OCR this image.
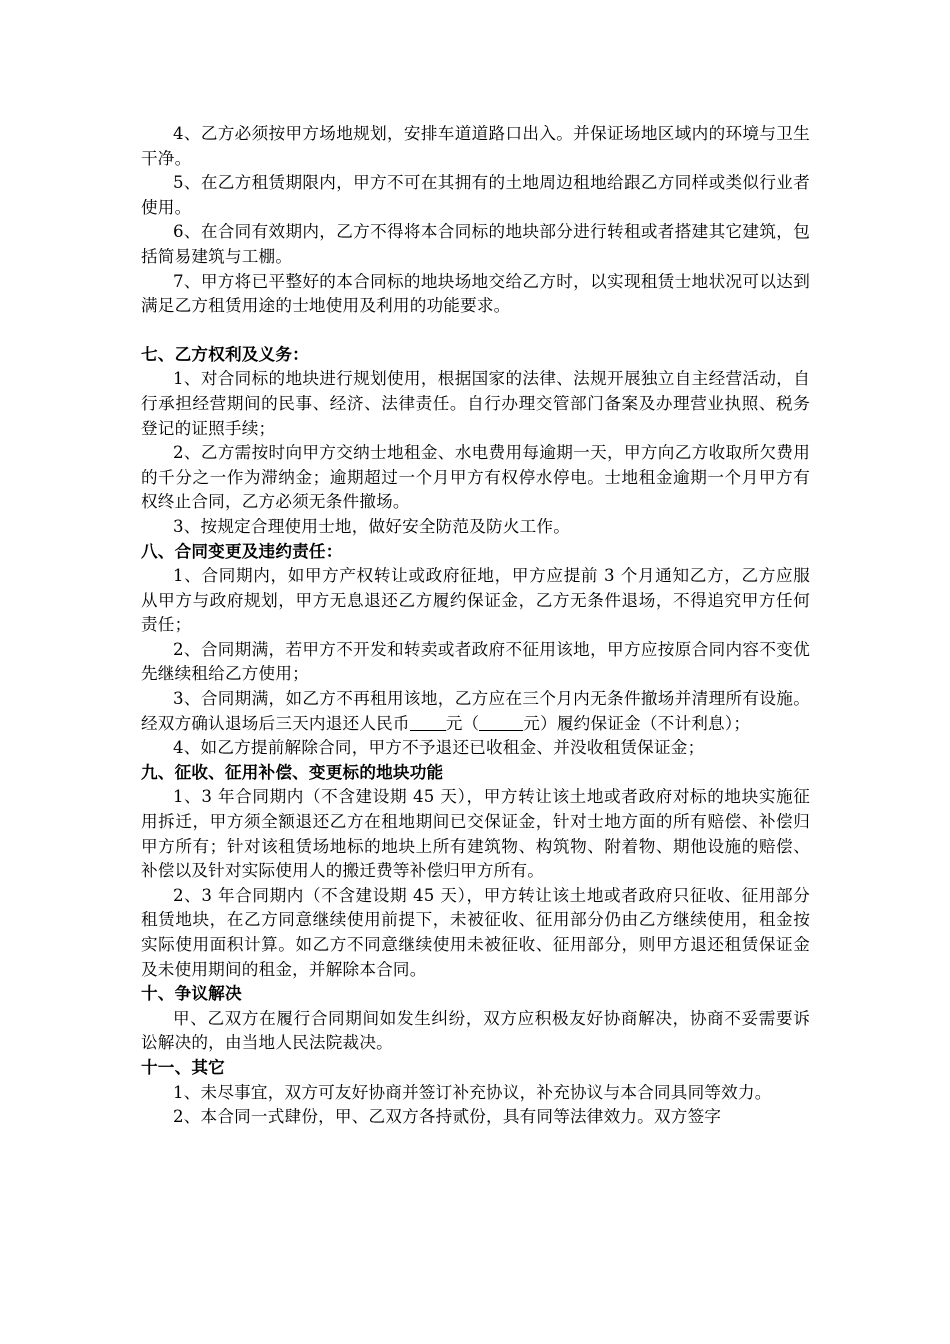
4、乙方必须按甲方场地规划，安排车道道路口出入。并保证场地区域内的环境与卫生干净。

5、在乙方租赁期限内，甲方不可在其拥有的土地周边租地给跟乙方同样或类似行业者使用。

6、在合同有效期内，乙方不得将本合同标的地块部分进行转租或者搭建其它建筑，包括简易建筑与工棚。

7、甲方将已平整好的本合同标的地块场地交给乙方时，以实现租赁士地状况可以达到满足乙方租赁用途的士地使用及利用的功能要求。

七、乙方权利及义务：

1、对合同标的地块进行规划使用，根据国家的法律、法规开展独立自主经营活动，自行承担经营期间的民事、经济、法律责任。自行办理交管部门备案及办理营业执照、税务登记的证照手续；

2、乙方需按时向甲方交纳士地租金、水电费用每逾期一天，甲方向乙方收取所欠费用的千分之一作为滞纳金；逾期超过一个月甲方有权停水停电。士地租金逾期一个月甲方有权终止合同，乙方必须无条件撤场。

3、按规定合理使用士地，做好安全防范及防火工作。

八、合同变更及违约责任：

1、合同期内，如甲方产权转让或政府征地，甲方应提前 3 个月通知乙方，乙方应服从甲方与政府规划，甲方无息退还乙方履约保证金，乙方无条件退场，不得追究甲方任何责任；

2、合同期满，若甲方不开发和转卖或者政府不征用该地，甲方应按原合同内容不变优先继续租给乙方使用；

3、合同期满，如乙方不再租用该地，乙方应在三个月内无条件撤场并清理所有设施。经双方确认退场后三天内退还人民币 元（	元）履约保证金（不计利息）；

4、如乙方提前解除合同，甲方不予退还已收租金、并没收租赁保证金；

九、征收、征用补偿、变更标的地块功能

1、3 年合同期内（不含建设期 45 天），甲方转让该土地或者政府对标的地块实施征用拆迁，甲方须全额退还乙方在租地期间已交保证金，针对士地方面的所有赔偿、补偿归甲方所有；针对该租赁场地标的地块上所有建筑物、构筑物、附着物、期他设施的赔偿、补偿以及针对实际使用人的搬迁费等补偿归甲方所有。

2、3 年合同期内（不含建设期 45 天），甲方转让该土地或者政府只征收、征用部分租赁地块，在乙方同意继续使用前提下，未被征收、征用部分仍由乙方继续使用，租金按实际使用面积计算。如乙方不同意继续使用未被征收、征用部分，则甲方退还租赁保证金及未使用期间的租金，并解除本合同。

十、争议解决

甲、乙双方在履行合同期间如发生纠纷，双方应积极友好协商解决，协商不妥需要诉讼解决的，由当地人民法院裁决。

十一、其它

1、未尽事宜，双方可友好协商并签订补充协议，补充协议与本合同具同等效力。

2、本合同一式肆份，甲、乙双方各持贰份，具有同等法律效力。双方签字
